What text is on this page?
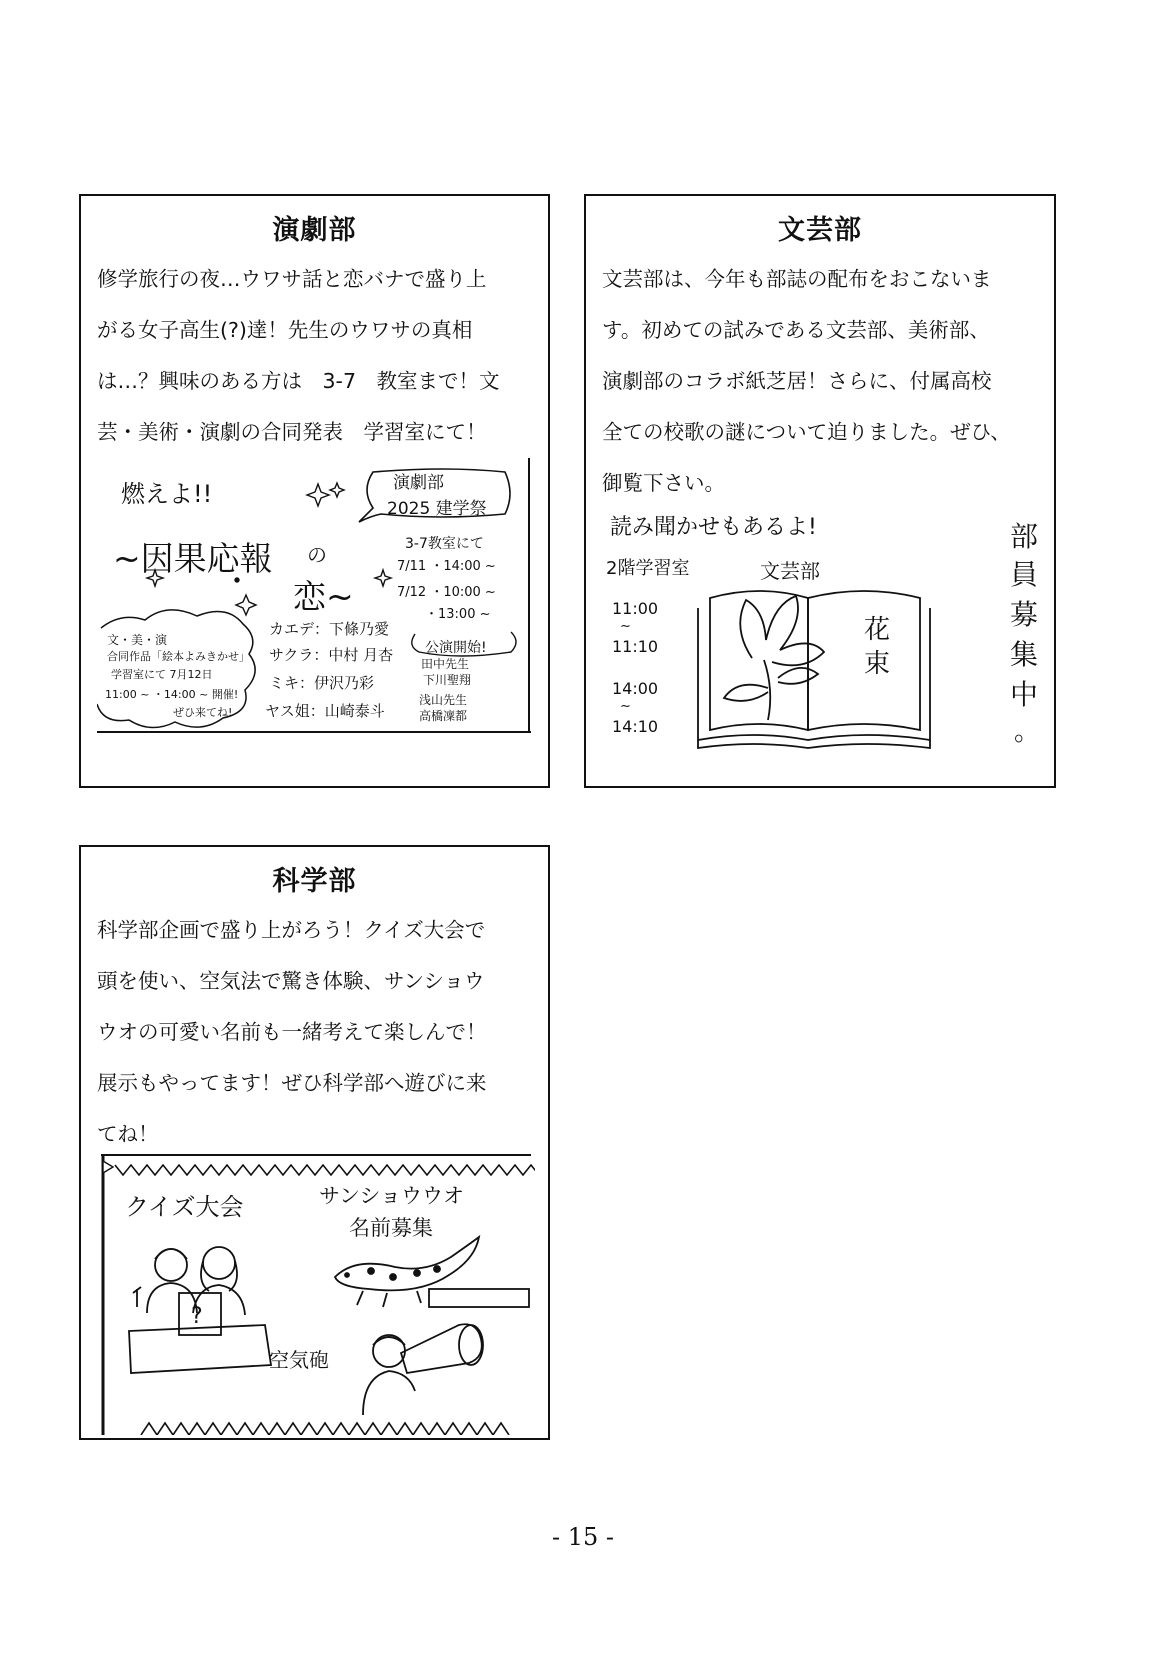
演劇部
修学旅行の夜…ウワサ話と恋バナで盛り上
がる女子高生(?)達！先生のウワサの真相
は…？興味のある方は　3-7　教室まで！文
芸・美術・演劇の合同発表　学習室にて！
燃えよ!!	演劇部
2025 建学祭
~因果応報 の
恋~
3-7教室にて
7/11 ・14:00 ~
7/12 ・10:00 ~
・13:00 ~
公演開始!
文・美・演
合同作品「絵本よみきかせ」
学習室にて 7月12日
11:00 ~ ・14:00 ~ 開催!
ぜひ来てね!
カエデ：下條乃愛
サクラ：中村 月杏
ミキ：伊沢乃彩
ヤス姐：山崎泰斗
田中先生
下川聖翔
浅山先生
高橋凜都
文芸部
文芸部は、今年も部誌の配布をおこないま
す。初めての試みである文芸部、美術部、
演劇部のコラボ紙芝居！さらに、付属高校
全ての校歌の謎について迫りました。ぜひ、
御覧下さい。
読み聞かせもあるよ!
2階学習室	文芸部
11:00
~
11:10
14:00
~
14:10
花
束
部
員
募
集
中
。
科学部
科学部企画で盛り上がろう！クイズ大会で
頭を使い、空気法で驚き体験、サンショウ
ウオの可愛い名前も一緒考えて楽しんで！
展示もやってます！ぜひ科学部へ遊びに来
てね！
クイズ大会	サンショウウオ
名前募集
空気砲
?
- 15 -
